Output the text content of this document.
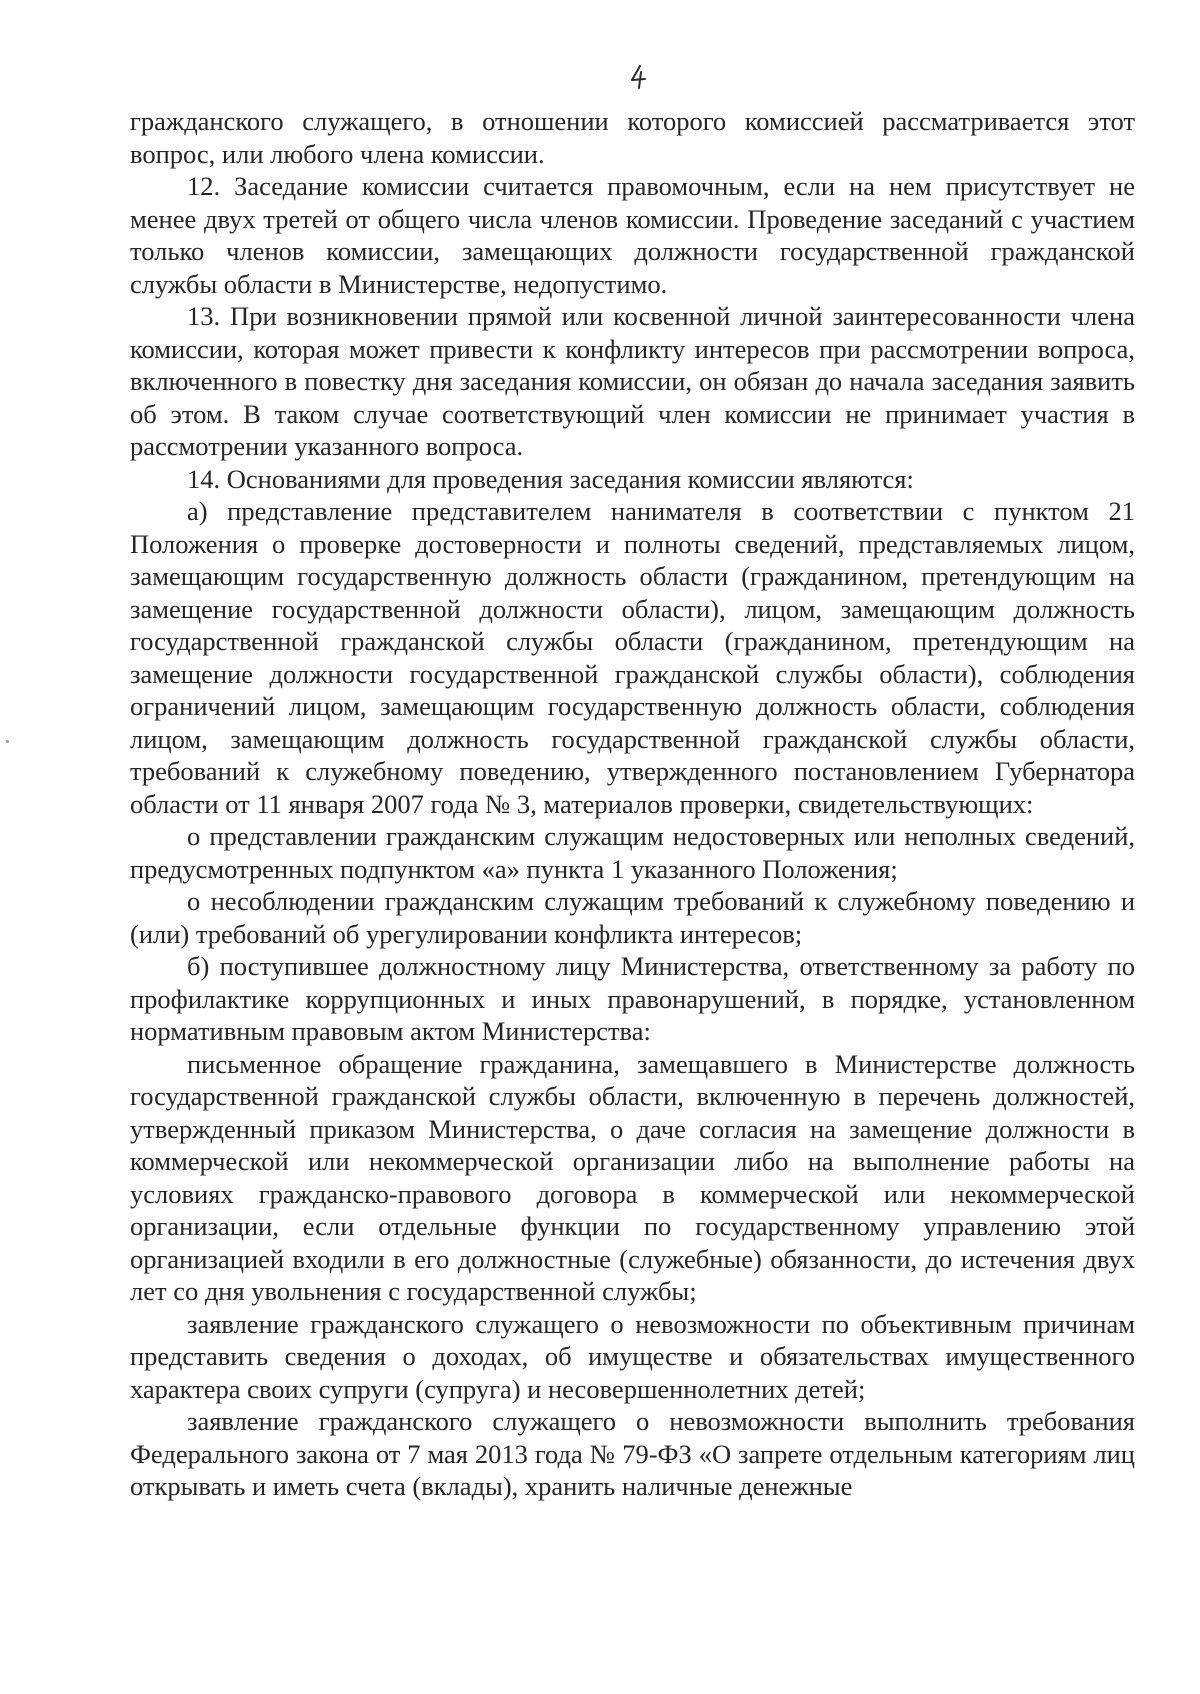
гражданского служащего, в отношении которого комиссией рассматривается этот вопрос, или любого члена комиссии.

12. Заседание комиссии считается правомочным, если на нем присутствует не менее двух третей от общего числа членов комиссии. Проведение заседаний с участием только членов комиссии, замещающих должности государственной гражданской службы области в Министерстве, недопустимо.

13. При возникновении прямой или косвенной личной заинтересованности члена комиссии, которая может привести к конфликту интересов при рассмотрении вопроса, включенного в повестку дня заседания комиссии, он обязан до начала заседания заявить об этом. В таком случае соответствующий член комиссии не принимает участия в рассмотрении указанного вопроса.

14. Основаниями для проведения заседания комиссии являются:

а) представление представителем нанимателя в соответствии с пунктом 21 Положения о проверке достоверности и полноты сведений, представляемых лицом, замещающим государственную должность области (гражданином, претендующим на замещение государственной должности области), лицом, замещающим должность государственной гражданской службы области (гражданином, претендующим на замещение должности государственной гражданской службы области), соблюдения ограничений лицом, замещающим государственную должность области, соблюдения лицом, замещающим должность государственной гражданской службы области, требований к служебному поведению, утвержденного постановлением Губернатора области от 11 января 2007 года № 3, материалов проверки, свидетельствующих:

о представлении гражданским служащим недостоверных или неполных сведений, предусмотренных подпунктом «а» пункта 1 указанного Положения;

о несоблюдении гражданским служащим требований к служебному поведению и (или) требований об урегулировании конфликта интересов;

б) поступившее должностному лицу Министерства, ответственному за работу по профилактике коррупционных и иных правонарушений, в порядке, установленном нормативным правовым актом Министерства:

письменное обращение гражданина, замещавшего в Министерстве должность государственной гражданской службы области, включенную в перечень должностей, утвержденный приказом Министерства, о даче согласия на замещение должности в коммерческой или некоммерческой организации либо на выполнение работы на условиях гражданско-правового договора в коммерческой или некоммерческой организации, если отдельные функции по государственному управлению этой организацией входили в его должностные (служебные) обязанности, до истечения двух лет со дня увольнения с государственной службы;

заявление гражданского служащего о невозможности по объективным причинам представить сведения о доходах, об имуществе и обязательствах имущественного характера своих супруги (супруга) и несовершеннолетних детей;

заявление гражданского служащего о невозможности выполнить требования Федерального закона от 7 мая 2013 года № 79-ФЗ «О запрете отдельным категориям лиц открывать и иметь счета (вклады), хранить наличные денежные
